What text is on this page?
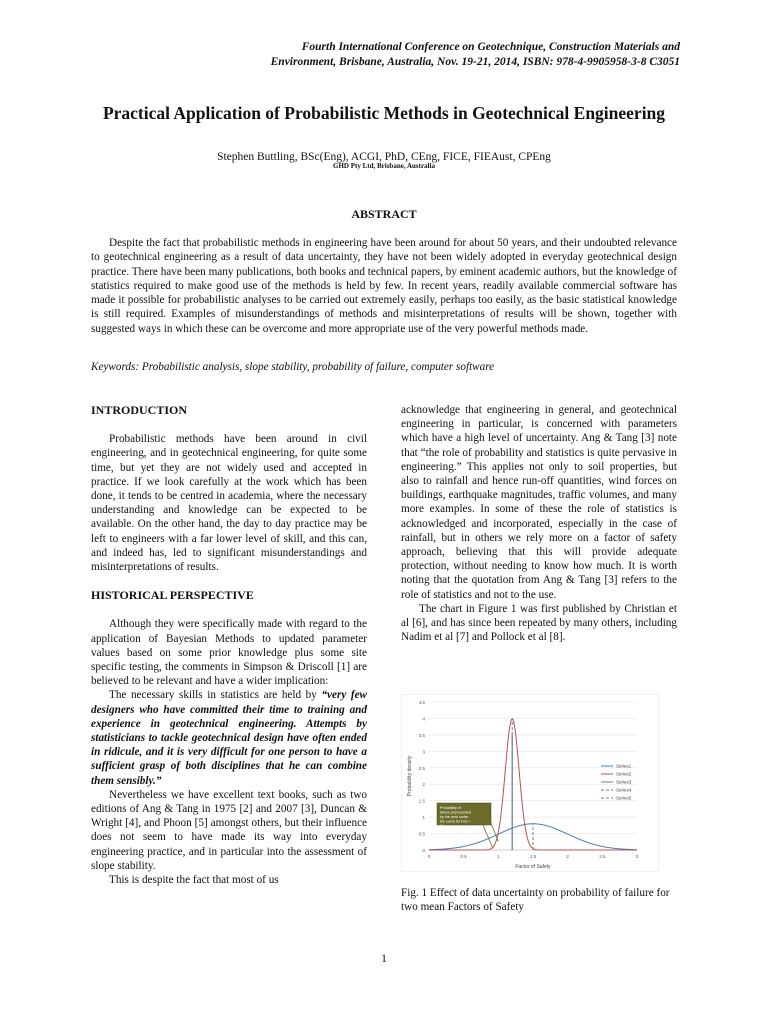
Fourth International Conference on Geotechnique, Construction Materials and
Environment, Brisbane, Australia, Nov. 19-21, 2014, ISBN: 978-4-9905958-3-8 C3051
Practical Application of Probabilistic Methods in Geotechnical Engineering
Stephen Buttling, BSc(Eng), ACGI, PhD, CEng, FICE, FIEAust, CPEng
GHD Pty Ltd, Brisbane, Australia
ABSTRACT

Despite the fact that probabilistic methods in engineering have been around for about 50 years, and their undoubted relevance to geotechnical engineering as a result of data uncertainty, they have not been widely adopted in everyday geotechnical design practice. There have been many publications, both books and technical papers, by eminent academic authors, but the knowledge of statistics required to make good use of the methods is held by few. In recent years, readily available commercial software has made it possible for probabilistic analyses to be carried out extremely easily, perhaps too easily, as the basic statistical knowledge is still required. Examples of misunderstandings of methods and misinterpretations of results will be shown, together with suggested ways in which these can be overcome and more appropriate use of the very powerful methods made.

Keywords: Probabilistic analysis, slope stability, probability of failure, computer software

INTRODUCTION

Probabilistic methods have been around in civil engineering, and in geotechnical engineering, for quite some time, but yet they are not widely used and accepted in practice. If we look carefully at the work which has been done, it tends to be centred in academia, where the necessary understanding and knowledge can be expected to be available. On the other hand, the day to day practice may be left to engineers with a far lower level of skill, and this can, and indeed has, led to significant misunderstandings and misinterpretations of results.

HISTORICAL PERSPECTIVE

Although they were specifically made with regard to the application of Bayesian Methods to updated parameter values based on some prior knowledge plus some site specific testing, the comments in Simpson & Driscoll [1] are believed to be relevant and have a wider implication:

The necessary skills in statistics are held by “very few designers who have committed their time to training and experience in geotechnical engineering. Attempts by statisticians to tackle geotechnical design have often ended in ridicule, and it is very difficult for one person to have a sufficient grasp of both disciplines that he can combine them sensibly.”

Nevertheless we have excellent text books, such as two editions of Ang & Tang in 1975 [2] and 2007 [3], Duncan & Wright [4], and Phoon [5] amongst others, but their influence does not seem to have made its way into everyday engineering practice, and in particular into the assessment of slope stability.

This is despite the fact that most of us

acknowledge that engineering in general, and geotechnical engineering in particular, is concerned with parameters which have a high level of uncertainty. Ang & Tang [3] note that “the role of probability and statistics is quite pervasive in engineering.” This applies not only to soil properties, but also to rainfall and hence run-off quantities, wind forces on buildings, earthquake magnitudes, traffic volumes, and many more examples. In some of these the role of statistics is acknowledged and incorporated, especially in the case of rainfall, but in others we rely more on a factor of safety approach, believing that this will provide adequate protection, without needing to know how much. It is worth noting that the quotation from Ang & Tang [3] refers to the role of statistics and not to the use.

The chart in Figure 1 was first published by Christian et al [6], and has since been repeated by many others, including Nadim et al [7] and Pollock et al [8].

0
0.5
1
1.5
2
2.5
3
3.5
4
4.5
0	0.5	1	1.5	2	2.5	3
Factor of Safety
Probability density	Series1
Series2
Series3
Series4
Series5
Probability of
failure (represented
by the area under
the curve for FoS <
1)

Fig. 1 Effect of data uncertainty on probability of failure for two mean Factors of Safety

1
